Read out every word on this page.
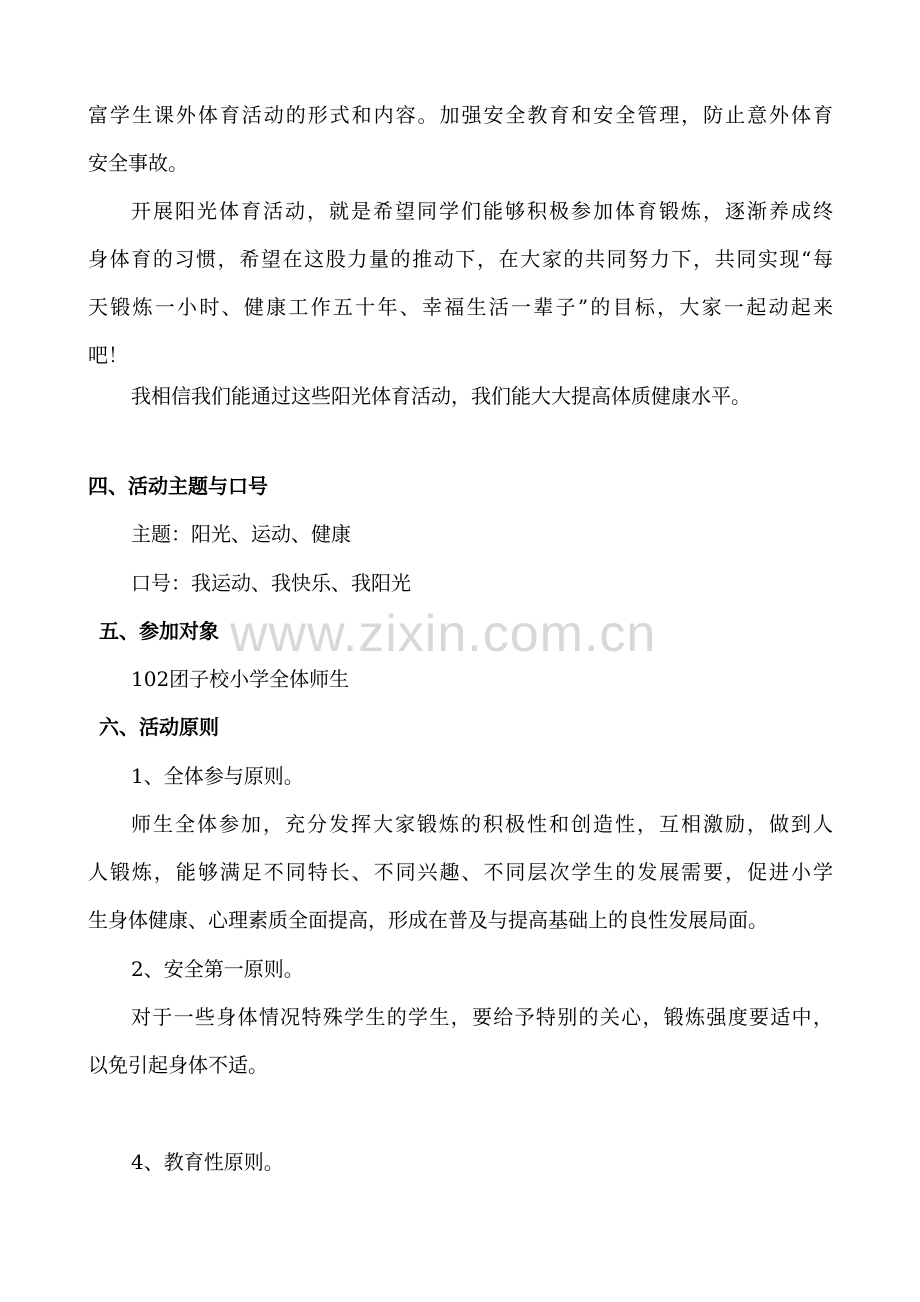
富学生课外体育活动的形式和内容。加强安全教育和安全管理，防止意外体育
安全事故。
开展阳光体育活动，就是希望同学们能够积极参加体育锻炼，逐渐养成终
身体育的习惯，希望在这股力量的推动下，在大家的共同努力下，共同实现“每
天锻炼一小时、健康工作五十年、幸福生活一辈子”的目标，大家一起动起来
吧！
我相信我们能通过这些阳光体育活动，我们能大大提高体质健康水平。
四、活动主题与口号
主题：阳光、运动、健康
口号：我运动、我快乐、我阳光
五、参加对象
102团子校小学全体师生
六、活动原则
1、全体参与原则。
师生全体参加，充分发挥大家锻炼的积极性和创造性，互相激励，做到人
人锻炼，能够满足不同特长、不同兴趣、不同层次学生的发展需要，促进小学
生身体健康、心理素质全面提高，形成在普及与提高基础上的良性发展局面。
2、安全第一原则。
对于一些身体情况特殊学生的学生，要给予特别的关心，锻炼强度要适中，
以免引起身体不适。
4、教育性原则。
www.zixin.com.cn
